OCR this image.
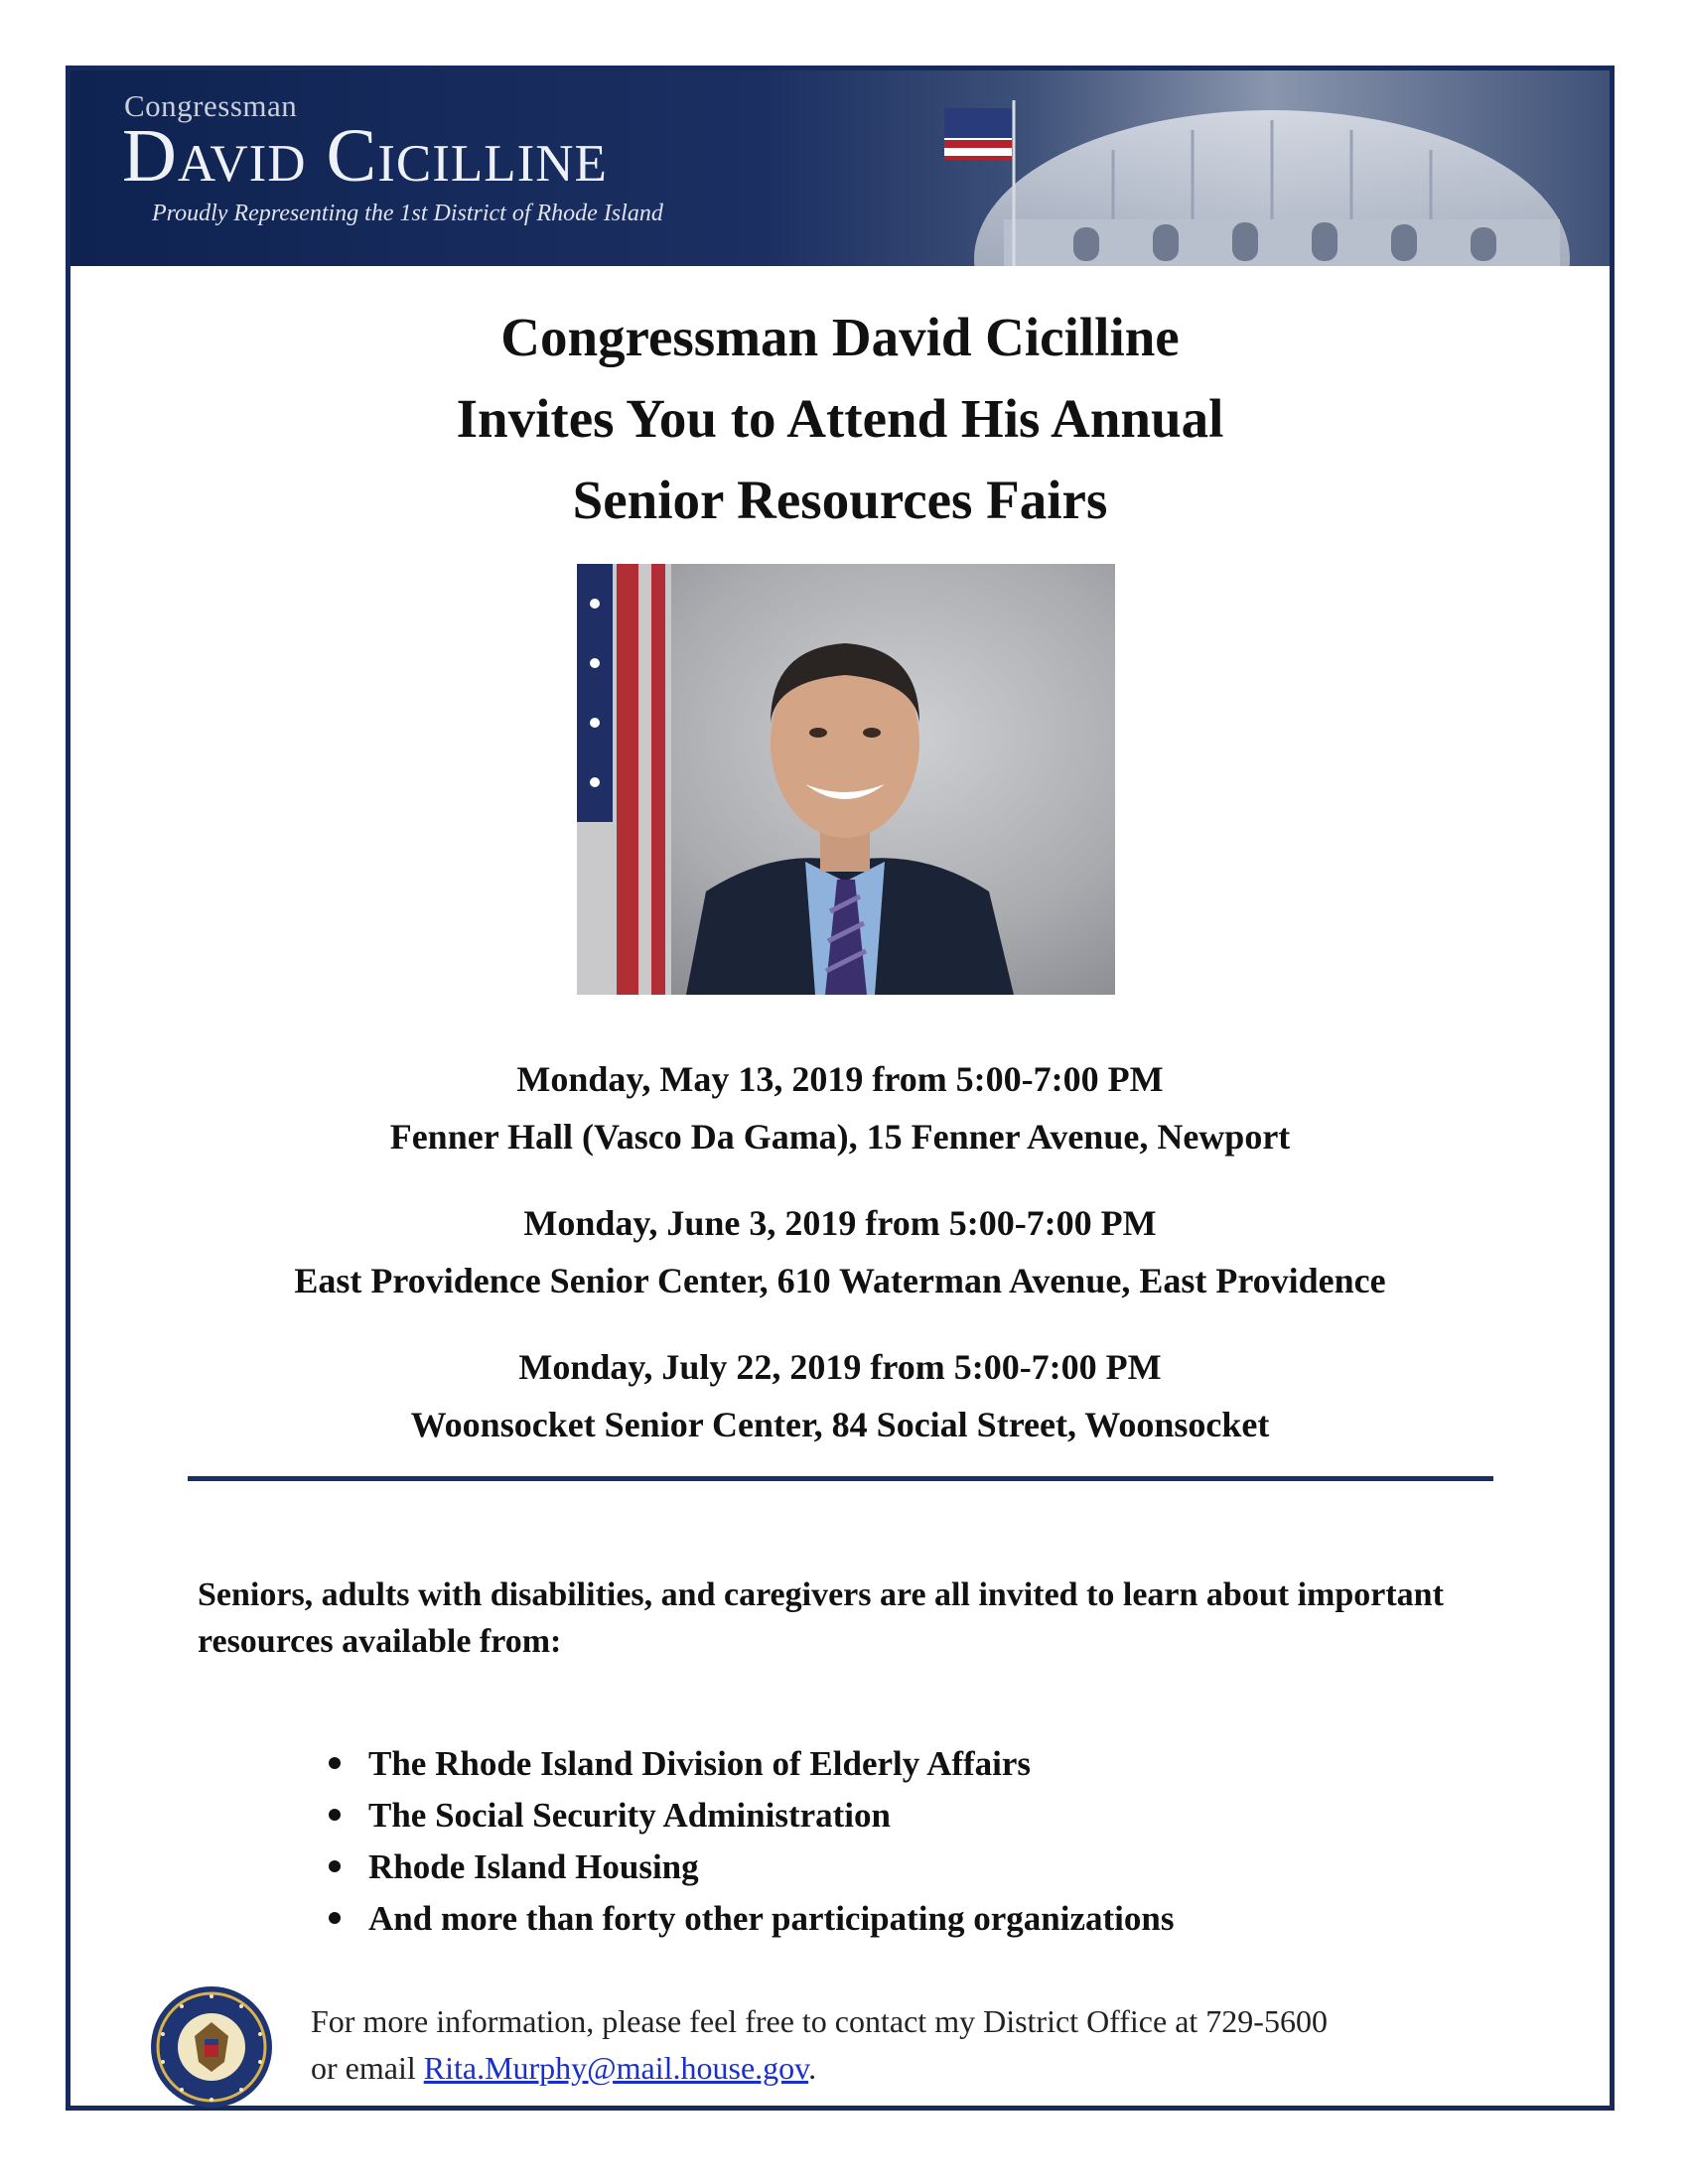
Congressman
David Cicilline
Proudly Representing the 1st District of Rhode Island
Congressman David Cicilline
Invites You to Attend His Annual
Senior Resources Fairs
Monday, May 13, 2019 from 5:00-7:00 PM
Fenner Hall (Vasco Da Gama), 15 Fenner Avenue, Newport
Monday, June 3, 2019 from 5:00-7:00 PM
East Providence Senior Center, 610 Waterman Avenue, East Providence
Monday, July 22, 2019 from 5:00-7:00 PM
Woonsocket Senior Center, 84 Social Street, Woonsocket
Seniors, adults with disabilities, and caregivers are all invited to learn about important resources available from:
The Rhode Island Division of Elderly Affairs
The Social Security Administration
Rhode Island Housing
And more than forty other participating organizations
For more information, please feel free to contact my District Office at 729-5600
or email Rita.Murphy@mail.house.gov.
